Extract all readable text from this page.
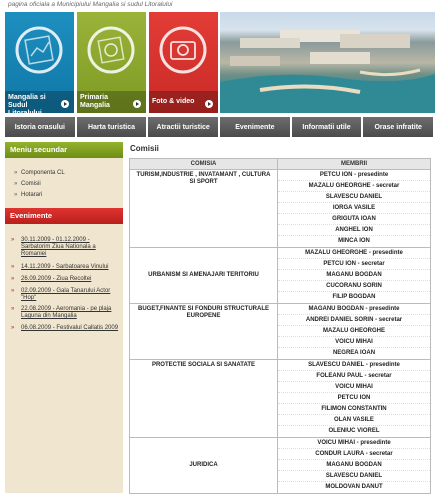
pagina oficiala a Municipiului Mangalia si sudul Litoralului
Mangalia si Sudul Litoralului
Primaria Mangalia
Foto & video
Istoria orasului	Harta turistica	Atractii turistice	Evenimente	Informatii utile	Orase infratite
Meniu secundar
» Componenta CL
» Comisii
» Hotarari
Evenimente
» 30.11.2009 - 01.12.2009 - Sarbatorim Ziua Nationala a Romaniei
» 14.11.2009 - Sarbatoarea Vinului
» 26.09.2009 - Ziua Recoltei
» 02.09.2009 - Gala Tanarului Actor "Hop"
» 22.08.2009 - Aeromania - pe plaja Laguna din Mangalia
» 06.08.2009 - Festivalul Callatis 2009
Comisii
COMISIA	MEMBRII
TURISM,INDUSTRIE , INVATAMANT , CULTURA SI SPORT
PETCU ION - presedinte
MAZALU GHEORGHE - secretar
SLAVESCU DANIEL
IORGA VASILE
GRIGUTA IOAN
ANGHEL ION
MINCA ION
URBANISM SI AMENAJARI TERITORIU
MAZALU GHEORGHE - presedinte
PETCU ION - secretar
MAGANU BOGDAN
CUCORANU SORIN
FILIP BOGDAN
BUGET,FINANTE SI FONDURI STRUCTURALE EUROPENE
MAGANU BOGDAN - presedinte
ANDREI DANIEL SORIN - secretar
MAZALU GHEORGHE
VOICU MIHAI
NEGREA IOAN
PROTECTIE SOCIALA SI SANATATE	SLAVESCU DANIEL - presedinte
FOLEANU PAUL - secretar
VOICU MIHAI
PETCU ION
FILIMON CONSTANTIN
OLAN VASILE
OLENIUC VIOREL
JURIDICA
VOICU MIHAI - presedinte
CONDUR LAURA - secretar
MAGANU BOGDAN
SLAVESCU DANIEL
MOLDOVAN DANUT
